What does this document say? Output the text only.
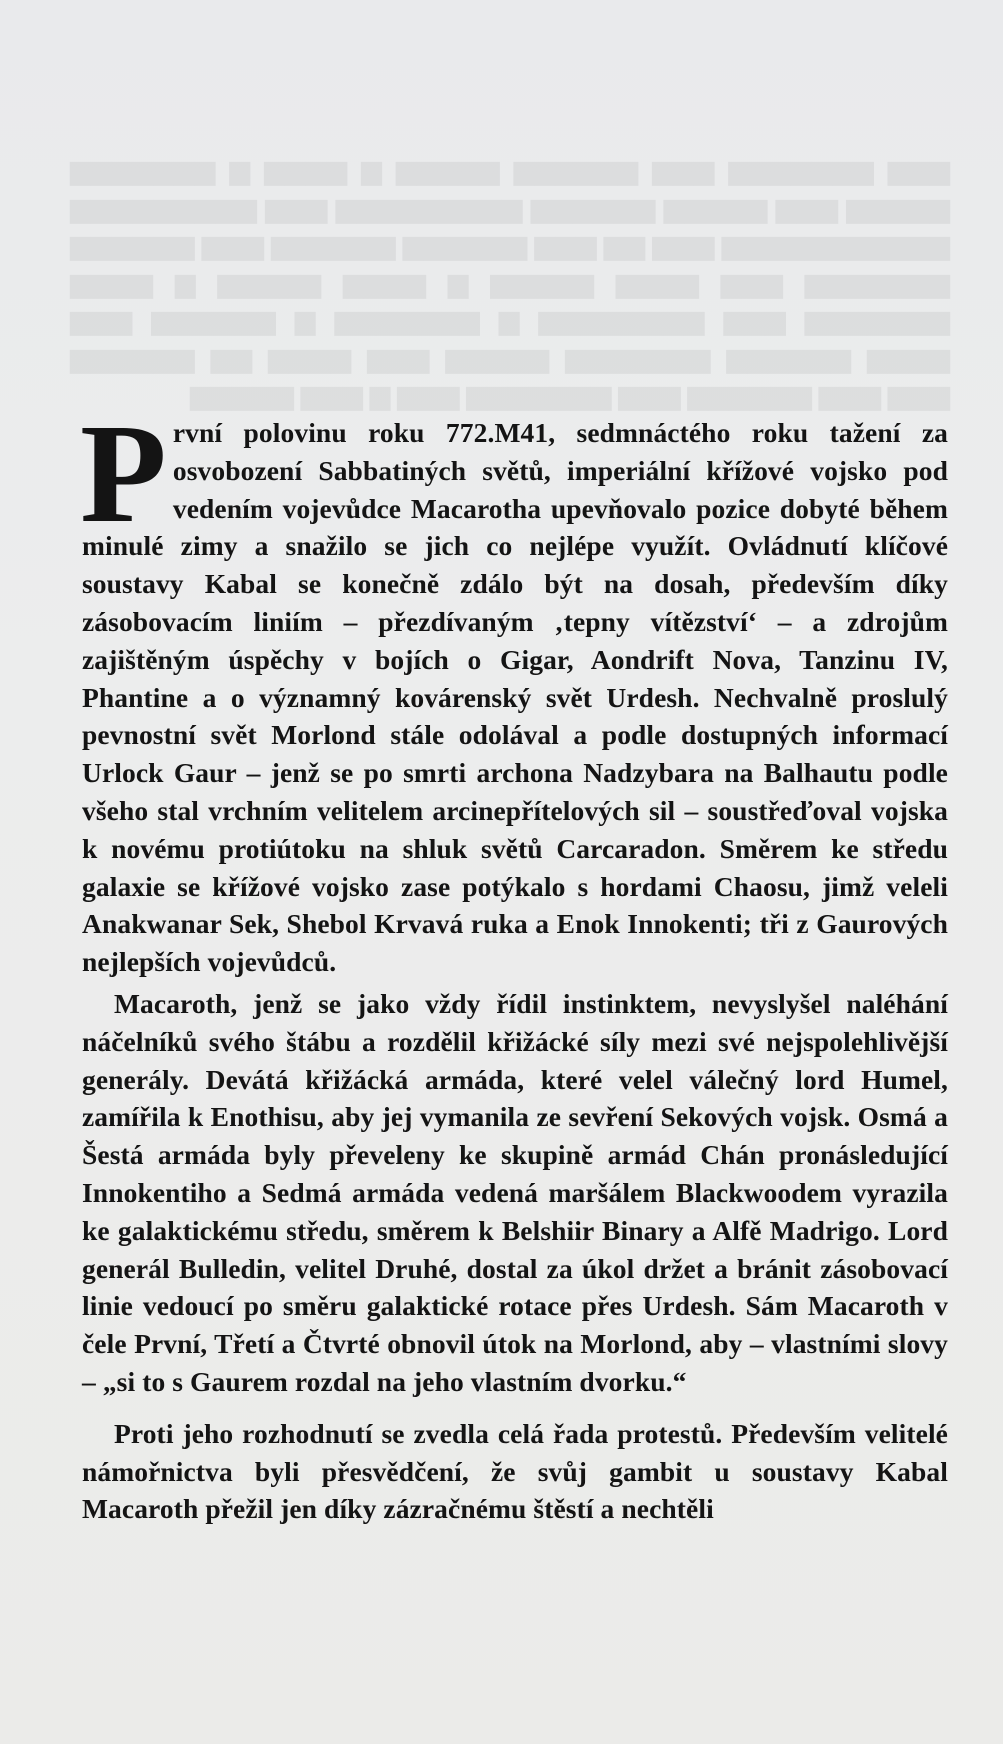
▆▆▆ ▆▆▆▆▆▆▆ ▆▆▆ ▆▆▆▆▆▆ ▆▆▆▆▆ ▆ ▆▆▆▆ ▆ ▆▆▆▆▆▆▆ ▆▆▆▆▆ ▆▆▆ ▆▆▆▆▆ ▆▆▆▆▆▆ ▆▆▆▆▆▆▆▆▆ ▆▆▆ ▆▆▆▆▆▆▆▆▆ ▆▆▆▆▆▆▆▆▆▆▆ ▆▆▆ ▆▆ ▆▆▆ ▆▆▆▆▆▆ ▆▆▆▆▆▆ ▆▆▆ ▆▆▆▆▆▆ ▆▆▆▆▆▆▆ ▆▆▆ ▆▆▆▆ ▆▆▆▆▆ ▆ ▆▆▆▆ ▆▆▆▆▆ ▆ ▆▆▆▆ ▆▆▆▆▆▆▆ ▆▆▆ ▆▆▆▆▆▆▆▆ ▆ ▆▆▆▆▆▆▆ ▆ ▆▆▆▆▆▆ ▆▆▆ ▆▆▆▆ ▆▆▆▆▆▆ ▆▆▆▆▆▆▆ ▆▆▆▆▆ ▆▆▆ ▆▆▆▆ ▆▆ ▆▆▆▆▆▆ ▆▆▆ ▆▆▆ ▆▆▆▆▆▆ ▆▆▆ ▆▆▆▆▆▆▆ ▆▆▆ ▆ ▆▆▆ ▆▆▆▆▆

První polovinu roku 772.M41, sedmnáctého roku tažení za osvobození Sabbatiných světů, imperiální křížové vojsko pod vedením vojevůdce Macarotha upevňovalo pozice dobyté během minulé zimy a snažilo se jich co nejlépe využít. Ovládnutí klíčové soustavy Kabal se konečně zdálo být na dosah, především díky zásobovacím liniím – přezdívaným ‚tepny vítězství‘ – a zdrojům zajištěným úspěchy v bojích o Gigar, Aondrift Nova, Tanzinu IV, Phantine a o významný kovárenský svět Urdesh. Nechvalně proslulý pevnostní svět Morlond stále odolával a podle dostupných informací Urlock Gaur – jenž se po smrti archona Nadzybara na Balhautu podle všeho stal vrchním velitelem arcinepřítelových sil – soustřeďoval vojska k novému protiútoku na shluk světů Carcaradon. Směrem ke středu galaxie se křížové vojsko zase potýkalo s hordami Chaosu, jimž veleli Anakwanar Sek, Shebol Krvavá ruka a Enok Innokenti; tři z Gaurových nejlepších vojevůdců.

Macaroth, jenž se jako vždy řídil instinktem, nevyslyšel naléhání náčelníků svého štábu a rozdělil křižácké síly mezi své nejspolehlivější generály. Devátá křižácká armáda, které velel válečný lord Humel, zamířila k Enothisu, aby jej vymanila ze sevření Sekových vojsk. Osmá a Šestá armáda byly převeleny ke skupině armád Chán pronásledující Innokentiho a Sedmá armáda vedená maršálem Blackwoodem vyrazila ke galaktickému středu, směrem k Belshiir Binary a Alfě Madrigo. Lord generál Bulledin, velitel Druhé, dostal za úkol držet a bránit zásobovací linie vedoucí po směru galaktické rotace přes Urdesh. Sám Macaroth v čele První, Třetí a Čtvrté obnovil útok na Morlond, aby – vlastními slovy – „si to s Gaurem rozdal na jeho vlastním dvorku.“

Proti jeho rozhodnutí se zvedla celá řada protestů. Především velitelé námořnictva byli přesvědčení, že svůj gambit u soustavy Kabal Macaroth přežil jen díky zázračnému štěstí a nechtěli
